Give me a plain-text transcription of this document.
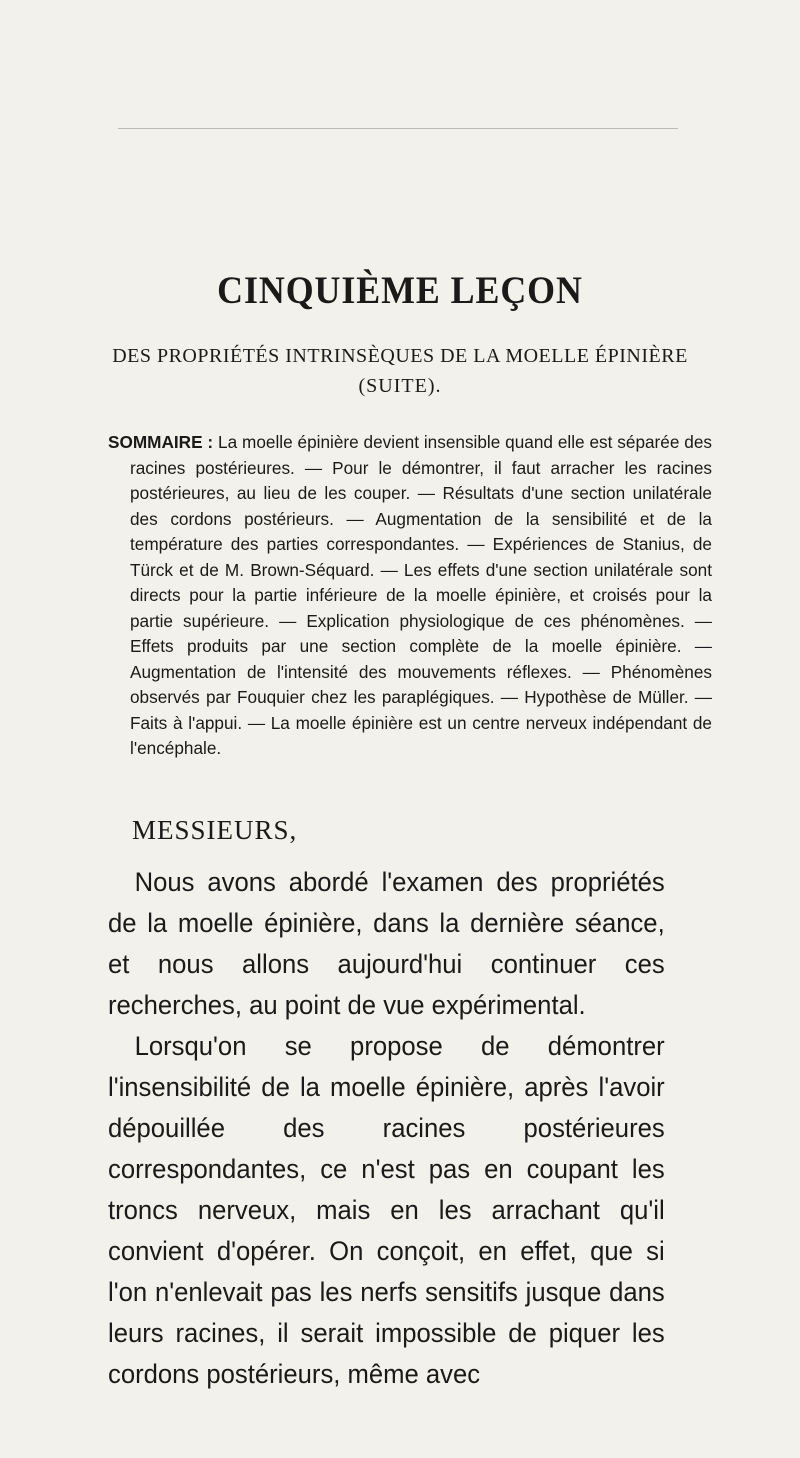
CINQUIÈME LEÇON
DES PROPRIÉTÉS INTRINSÈQUES DE LA MOELLE ÉPINIÈRE
(SUITE).
SOMMAIRE : La moelle épinière devient insensible quand elle est séparée des racines postérieures. — Pour le démontrer, il faut arracher les racines postérieures, au lieu de les couper. — Résultats d'une section unilatérale des cordons postérieurs. — Augmentation de la sensibilité et de la température des parties correspondantes. — Expériences de Stanius, de Türck et de M. Brown-Séquard. — Les effets d'une section unilatérale sont directs pour la partie inférieure de la moelle épinière, et croisés pour la partie supérieure. — Explication physiologique de ces phénomènes. — Effets produits par une section complète de la moelle épinière. — Augmentation de l'intensité des mouvements réflexes. — Phénomènes observés par Fouquier chez les paraplégiques. — Hypothèse de Müller. — Faits à l'appui. — La moelle épinière est un centre nerveux indépendant de l'encéphale.
MESSIEURS,

Nous avons abordé l'examen des propriétés de la moelle épinière, dans la dernière séance, et nous allons aujourd'hui continuer ces recherches, au point de vue expérimental.

Lorsqu'on se propose de démontrer l'insensibilité de la moelle épinière, après l'avoir dépouillée des racines postérieures correspondantes, ce n'est pas en coupant les troncs nerveux, mais en les arrachant qu'il convient d'opérer. On conçoit, en effet, que si l'on n'enlevait pas les nerfs sensitifs jusque dans leurs racines, il serait impossible de piquer les cordons postérieurs, même avec
